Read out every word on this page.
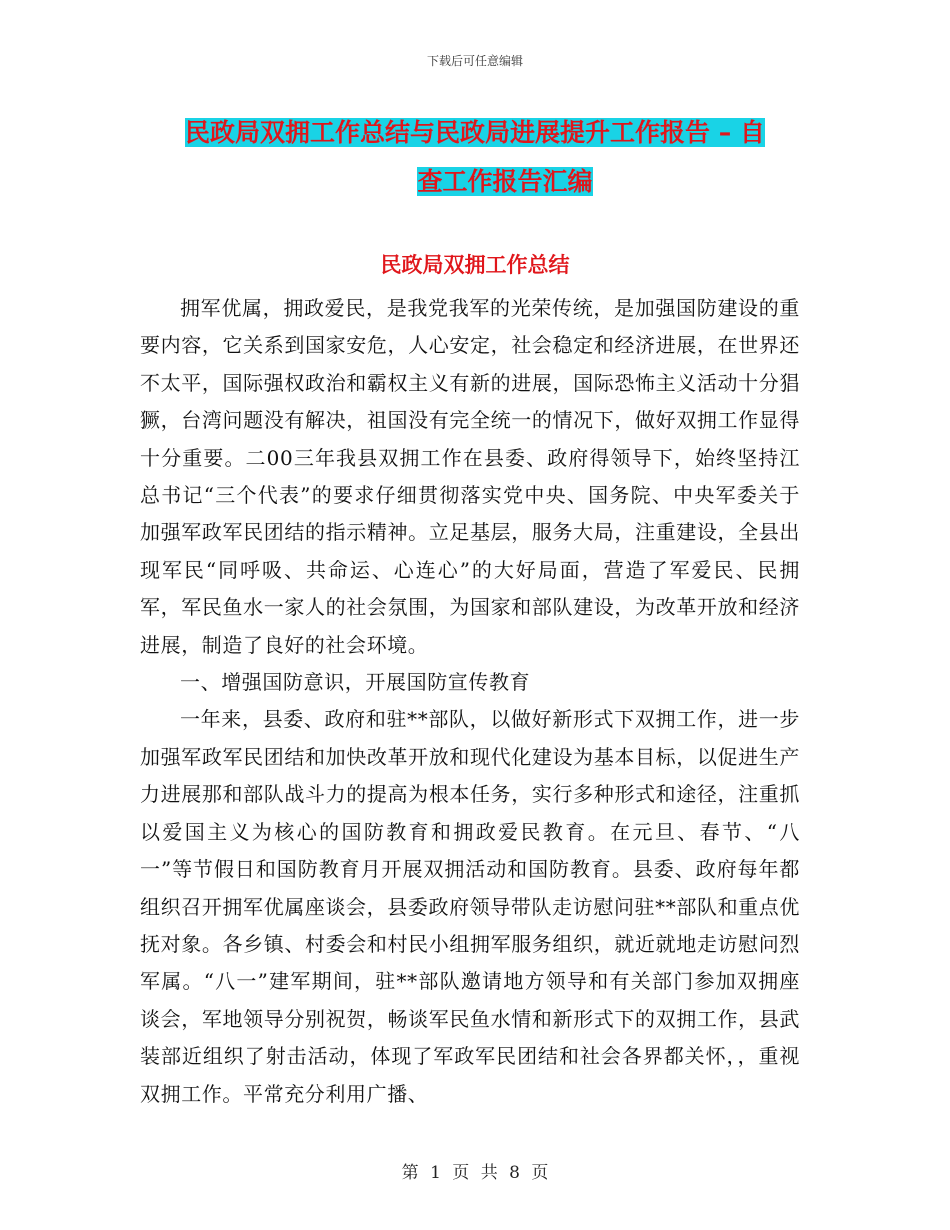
下载后可任意编辑
民政局双拥工作总结与民政局进展提升工作报告 – 自
查工作报告汇编
民政局双拥工作总结

拥军优属，拥政爱民，是我党我军的光荣传统，是加强国防建设的重要内容，它关系到国家安危，人心安定，社会稳定和经济进展，在世界还不太平，国际强权政治和霸权主义有新的进展，国际恐怖主义活动十分猖獗，台湾问题没有解决，祖国没有完全统一的情况下，做好双拥工作显得十分重要。二00三年我县双拥工作在县委、政府得领导下，始终坚持江总书记“三个代表”的要求仔细贯彻落实党中央、国务院、中央军委关于加强军政军民团结的指示精神。立足基层，服务大局，注重建设，全县出现军民“同呼吸、共命运、心连心”的大好局面，营造了军爱民、民拥军，军民鱼水一家人的社会氛围，为国家和部队建设，为改革开放和经济进展，制造了良好的社会环境。

一、增强国防意识，开展国防宣传教育

一年来，县委、政府和驻**部队，以做好新形式下双拥工作，进一步加强军政军民团结和加快改革开放和现代化建设为基本目标，以促进生产力进展那和部队战斗力的提高为根本任务，实行多种形式和途径，注重抓以爱国主义为核心的国防教育和拥政爱民教育。在元旦、春节、“八一”等节假日和国防教育月开展双拥活动和国防教育。县委、政府每年都组织召开拥军优属座谈会，县委政府领导带队走访慰问驻**部队和重点优抚对象。各乡镇、村委会和村民小组拥军服务组织，就近就地走访慰问烈军属。“八一”建军期间，驻**部队邀请地方领导和有关部门参加双拥座谈会，军地领导分别祝贺，畅谈军民鱼水情和新形式下的双拥工作，县武装部近组织了射击活动，体现了军政军民团结和社会各界都关怀，，重视双拥工作。平常充分利用广播、

第 1 页 共 8 页
